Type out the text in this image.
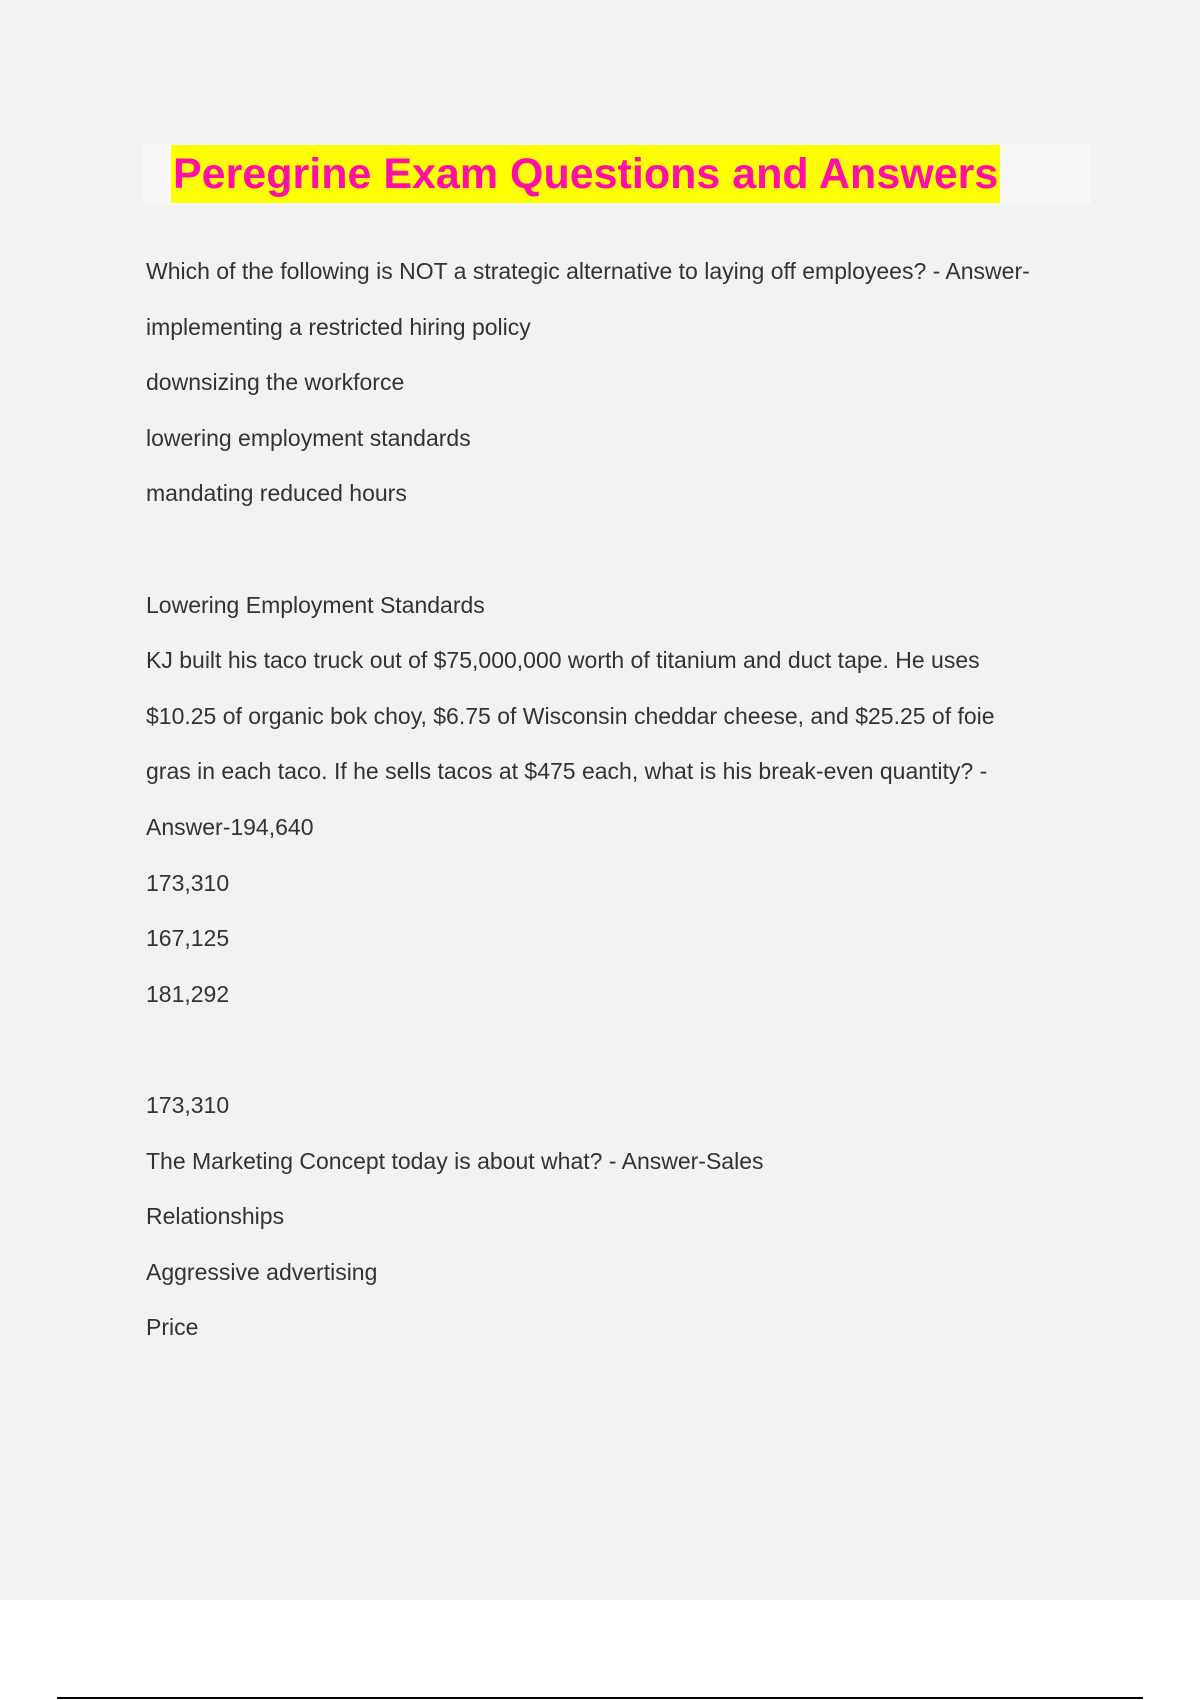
Peregrine Exam Questions and Answers
Which of the following is NOT a strategic alternative to laying off employees? - Answer-
implementing a restricted hiring policy
downsizing the workforce
lowering employment standards
mandating reduced hours
Lowering Employment Standards
KJ built his taco truck out of $75,000,000 worth of titanium and duct tape. He uses
$10.25 of organic bok choy, $6.75 of Wisconsin cheddar cheese, and $25.25 of foie
gras in each taco. If he sells tacos at $475 each, what is his break-even quantity? -
Answer-194,640
173,310
167,125
181,292
173,310
The Marketing Concept today is about what? - Answer-Sales
Relationships
Aggressive advertising
Price
